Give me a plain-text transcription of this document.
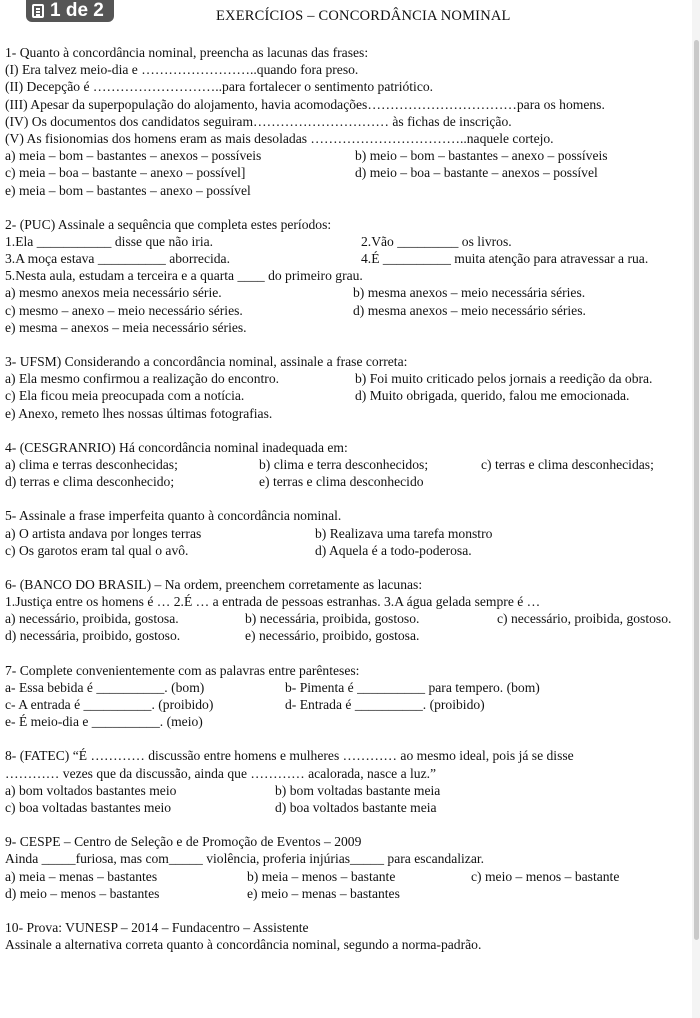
1 de 2	EXERCÍCIOS – CONCORDÂNCIA NOMINAL
1- Quanto à concordância nominal, preencha as lacunas das frases:
(I) Era talvez meio-dia e ……………………..quando fora preso.
(II) Decepção é ………………………..para fortalecer o sentimento patriótico.
(III) Apesar da superpopulação do alojamento, havia acomodações……………………………para os homens.
(IV) Os documentos dos candidatos seguiram………………………… às fichas de inscrição.
(V) As fisionomias dos homens eram as mais desoladas ……………………………..naquele cortejo.
a) meia – bom – bastantes – anexos – possíveis	b) meio – bom – bastantes – anexo – possíveis
c) meia – boa – bastante – anexo – possível]	d) meio – boa – bastante – anexos – possível
e) meia – bom – bastantes – anexo – possível
2- (PUC) Assinale a sequência que completa estes períodos:
1.Ela ___________ disse que não iria.	2.Vão _________ os livros.
3.A moça estava __________ aborrecida.	4.É __________ muita atenção para atravessar a rua.
5.Nesta aula, estudam a terceira e a quarta ____ do primeiro grau.
a) mesmo anexos meia necessário série.	b) mesma anexos – meio necessária séries.
c) mesmo – anexo – meio necessário séries.	d) mesma anexos – meio necessário séries.
e) mesma – anexos – meia necessário séries.
3- UFSM) Considerando a concordância nominal, assinale a frase correta:
a) Ela mesmo confirmou a realização do encontro.	b) Foi muito criticado pelos jornais a reedição da obra.
c) Ela ficou meia preocupada com a notícia.	d) Muito obrigada, querido, falou me emocionada.
e) Anexo, remeto lhes nossas últimas fotografias.
4- (CESGRANRIO) Há concordância nominal inadequada em:
a) clima e terras desconhecidas;	b) clima e terra desconhecidos;	c) terras e clima desconhecidas;
d) terras e clima desconhecido;	e) terras e clima desconhecido
5- Assinale a frase imperfeita quanto à concordância nominal.
a) O artista andava por longes terras	b) Realizava uma tarefa monstro
c) Os garotos eram tal qual o avô.	d) Aquela é a todo-poderosa.
6- (BANCO DO BRASIL) – Na ordem, preenchem corretamente as lacunas:
1.Justiça entre os homens é … 2.É … a entrada de pessoas estranhas. 3.A água gelada sempre é …
a) necessário, proibida, gostosa.	b) necessária, proibida, gostoso.	c) necessário, proibida, gostoso.
d) necessária, proibido, gostoso.	e) necessário, proibido, gostosa.
7- Complete convenientemente com as palavras entre parênteses:
a- Essa bebida é __________. (bom)	b- Pimenta é __________ para tempero. (bom)
c- A entrada é __________. (proibido)	d- Entrada é __________. (proibido)
e- É meio-dia e __________. (meio)
8- (FATEC) “É ………… discussão entre homens e mulheres ………… ao mesmo ideal, pois já se disse
………… vezes que da discussão, ainda que ………… acalorada, nasce a luz.”
a) bom voltados bastantes meio	b) bom voltadas bastante meia
c) boa voltadas bastantes meio	d) boa voltados bastante meia
9- CESPE – Centro de Seleção e de Promoção de Eventos – 2009
Ainda _____furiosa, mas com_____ violência, proferia injúrias_____ para escandalizar.
a) meia – menas – bastantes	b) meia – menos – bastante	c) meio – menos – bastante
d) meio – menos – bastantes	e) meio – menas – bastantes
10- Prova: VUNESP – 2014 – Fundacentro – Assistente
Assinale a alternativa correta quanto à concordância nominal, segundo a norma-padrão.
